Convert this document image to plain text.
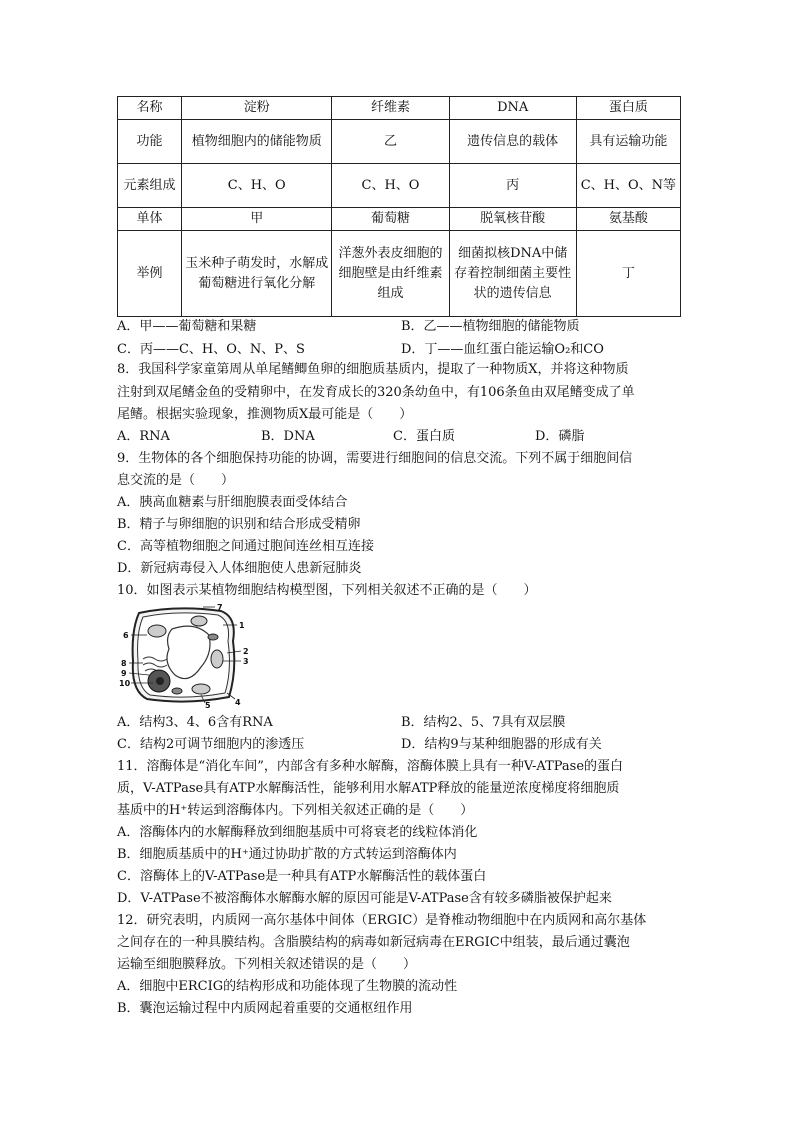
名称	淀粉	纤维素	DNA	蛋白质
功能	植物细胞内的储能物质	乙	遗传信息的载体	具有运输功能
元素组成	C、H、O	C、H、O	丙	C、H、O、N等
单体	甲	葡萄糖	脱氧核苷酸	氨基酸
举例	玉米种子萌发时，水解成葡萄糖进行氧化分解	洋葱外表皮细胞的细胞壁是由纤维素组成	细菌拟核DNA中储存着控制细菌主要性状的遗传信息	丁
A．甲——葡萄糖和果糖	B．乙——植物细胞的储能物质
C．丙——C、H、O、N、P、S	D．丁——血红蛋白能运输O₂和CO
8．我国科学家童第周从单尾鳍鲫鱼卵的细胞质基质内，提取了一种物质X，并将这种物质
注射到双尾鳍金鱼的受精卵中，在发育成长的320条幼鱼中，有106条鱼由双尾鳍变成了单
尾鳍。根据实验现象，推测物质X最可能是（　　）
A．RNA	B．DNA	C．蛋白质	D．磷脂
9．生物体的各个细胞保持功能的协调，需要进行细胞间的信息交流。下列不属于细胞间信
息交流的是（　　）
A．胰高血糖素与肝细胞膜表面受体结合
B．精子与卵细胞的识别和结合形成受精卵
C．高等植物细胞之间通过胞间连丝相互连接
D．新冠病毒侵入人体细胞使人患新冠肺炎
10．如图表示某植物细胞结构模型图，下列相关叙述不正确的是（　　）
7
1
6
2
3
8
9
10
4
5
A．结构3、4、6含有RNA	B．结构2、5、7具有双层膜
C．结构2可调节细胞内的渗透压	D．结构9与某种细胞器的形成有关
11．溶酶体是“消化车间”，内部含有多种水解酶，溶酶体膜上具有一种V-ATPase的蛋白
质，V-ATPase具有ATP水解酶活性，能够利用水解ATP释放的能量逆浓度梯度将细胞质
基质中的H⁺转运到溶酶体内。下列相关叙述正确的是（　　）
A．溶酶体内的水解酶释放到细胞基质中可将衰老的线粒体消化
B．细胞质基质中的H⁺通过协助扩散的方式转运到溶酶体内
C．溶酶体上的V-ATPase是一种具有ATP水解酶活性的载体蛋白
D．V-ATPase不被溶酶体水解酶水解的原因可能是V-ATPase含有较多磷脂被保护起来
12．研究表明，内质网一高尔基体中间体（ERGIC）是脊椎动物细胞中在内质网和高尔基体
之间存在的一种具膜结构。含脂膜结构的病毒如新冠病毒在ERGIC中组装，最后通过囊泡
运输至细胞膜释放。下列相关叙述错误的是（　　）
A．细胞中ERCIG的结构形成和功能体现了生物膜的流动性
B．囊泡运输过程中内质网起着重要的交通枢纽作用
